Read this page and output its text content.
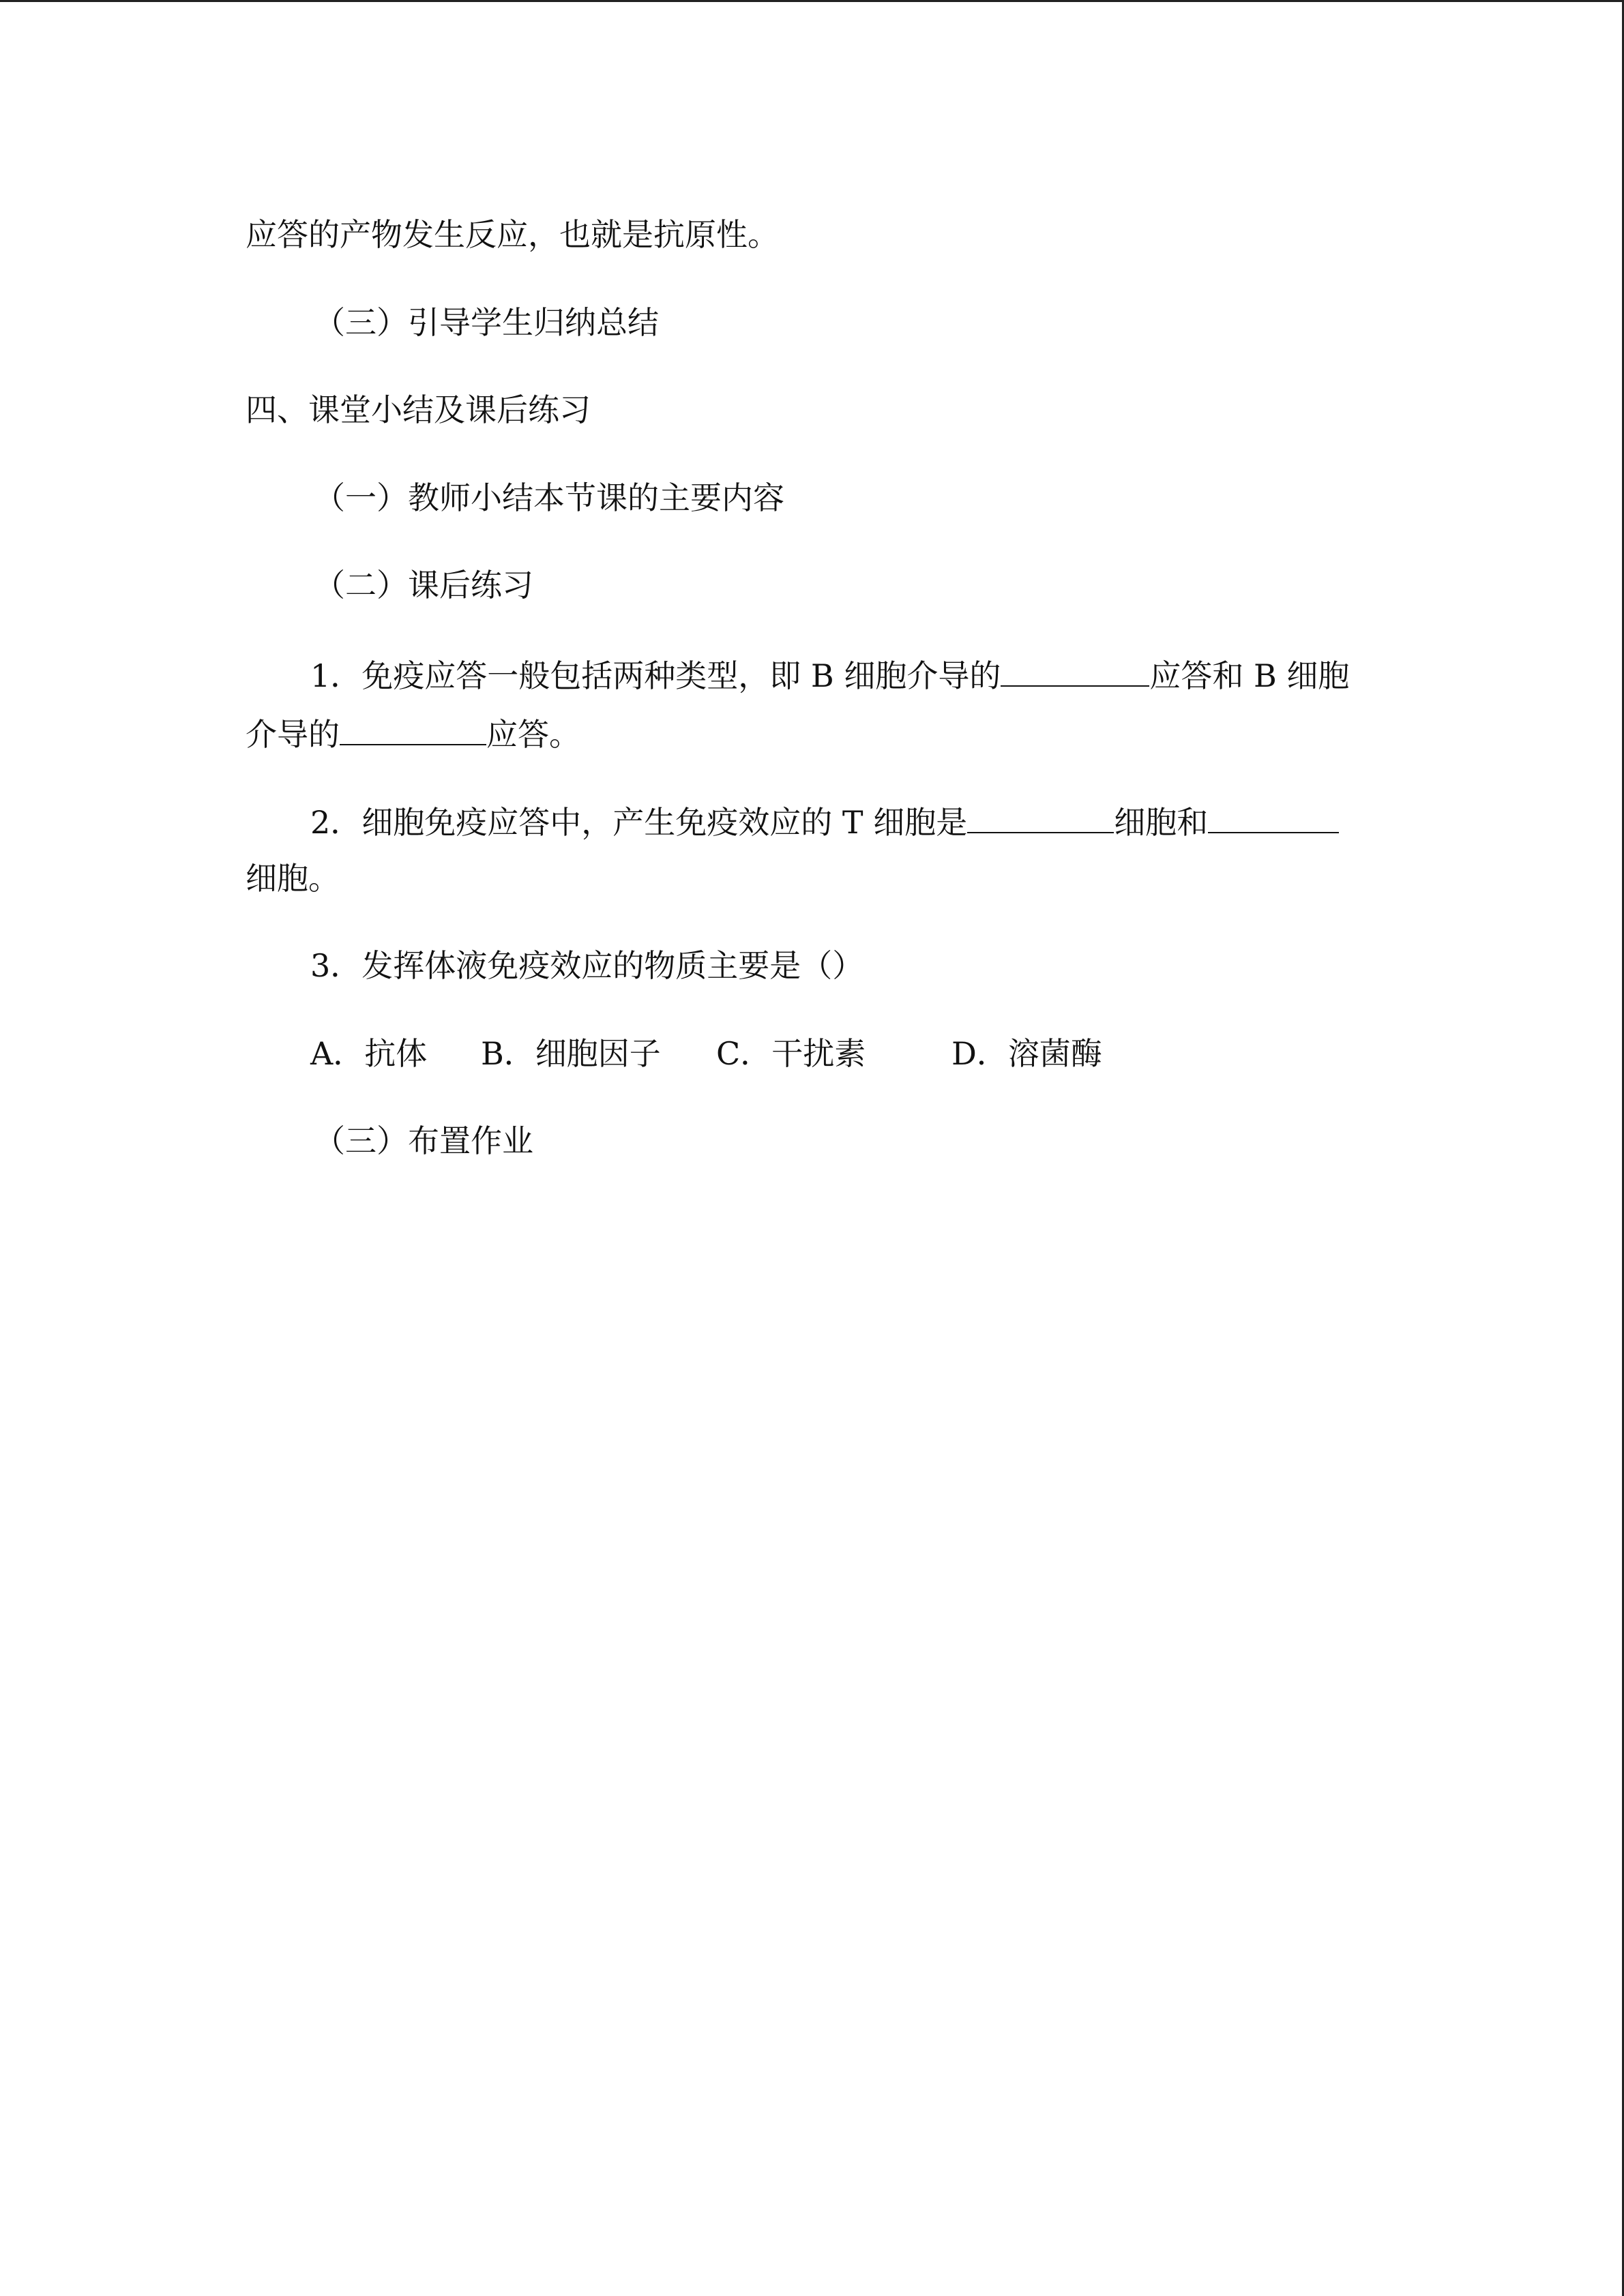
应答的产物发生反应，也就是抗原性。
（三）引导学生归纳总结
四、课堂小结及课后练习
（一）教师小结本节课的主要内容
（二）课后练习
1．免疫应答一般包括两种类型，即 B 细胞介导的	应答和 B 细胞
介导的	应答。
2．细胞免疫应答中，产生免疫效应的 T 细胞是	细胞和
细胞。
3．发挥体液免疫效应的物质主要是（）
A．抗体 B．细胞因子 C．干扰素	D．溶菌酶
（三）布置作业
